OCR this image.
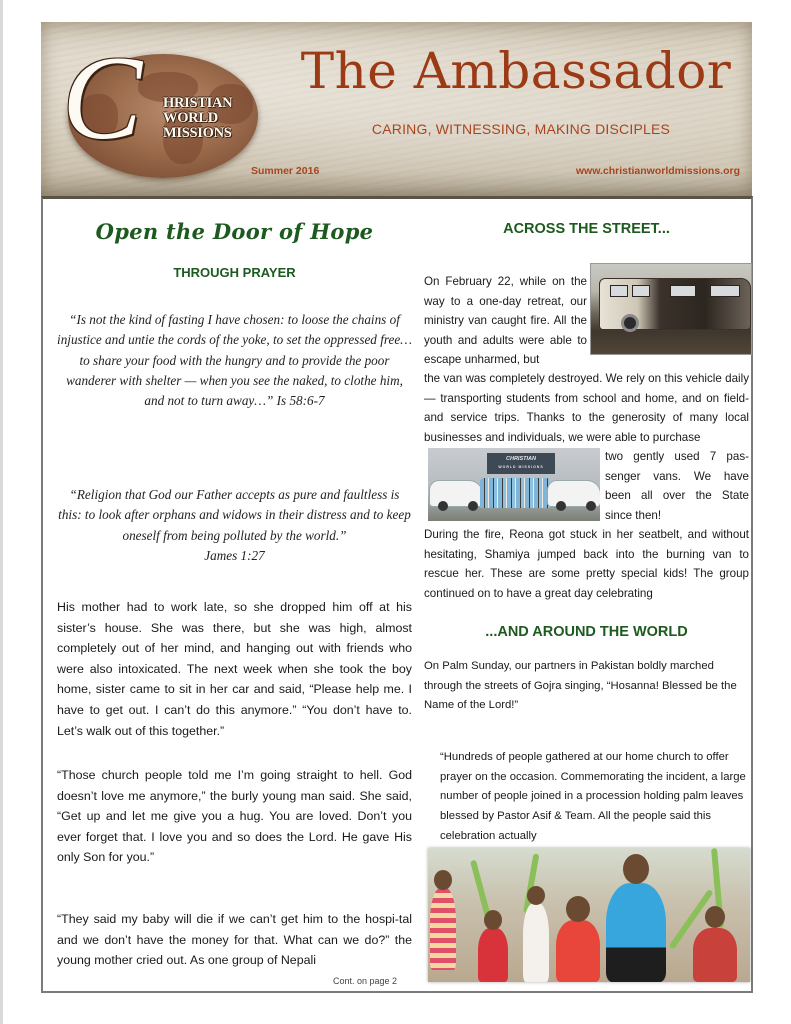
C HRISTIAN
WORLD
MISSIONS
The Ambassador
CARING, WITNESSING, MAKING DISCIPLES
Summer 2016	www.christianworldmissions.org
Open the Door of Hope
THROUGH PRAYER

“Is not the kind of fasting I have chosen: to loose the chains of injustice and untie the cords of the yoke, to set the oppressed free… to share your food with the hungry and to provide the poor wanderer with shelter — when you see the naked, to clothe him, and not to turn away…” Is 58:6-7

“Religion that God our Father accepts as pure and faultless is this: to look after orphans and widows in their distress and to keep oneself from being polluted by the world.”

James 1:27

His mother had to work late, so she dropped him off at his sister’s house. She was there, but she was high, almost completely out of her mind, and hanging out with friends who were also intoxicated. The next week when she took the boy home, sister came to sit in her car and said, “Please help me. I have to get out. I can’t do this anymore.” “You don’t have to. Let’s walk out of this together.”

“Those church people told me I’m going straight to hell. God doesn’t love me anymore,” the burly young man said. She said, “Get up and let me give you a hug. You are loved. Don’t you ever forget that. I love you and so does the Lord. He gave His only Son for you.”

“They said my baby will die if we can’t get him to the hospi-tal and we don’t have the money for that. What can we do?” the young mother cried out. As one group of Nepali

Cont. on page 2
ACROSS THE STREET...

On February 22, while on the way to a one-day retreat, our ministry van caught fire. All the youth and adults were able to escape unharmed, but

the van was completely destroyed. We rely on this vehicle daily — transporting students from school and home, and on field- and service trips. Thanks to the generosity of many local businesses and individuals, we were able to purchase

CHRISTIAN
WORLD MISSIONS

two gently used 7 pas-senger vans. We have been all over the State since then!

During the fire, Reona got stuck in her seatbelt, and without hesitating, Shamiya jumped back into the burning van to rescue her. These are some pretty special kids! The group continued on to have a great day celebrating

...AND AROUND THE WORLD

On Palm Sunday, our partners in Pakistan boldly marched through the streets of Gojra singing, “Hosanna! Blessed be the Name of the Lord!”

“Hundreds of people gathered at our home church to offer prayer on the occasion. Commemorating the incident, a large number of people joined in a procession holding palm leaves blessed by Pastor Asif & Team. All the people said this celebration actually
